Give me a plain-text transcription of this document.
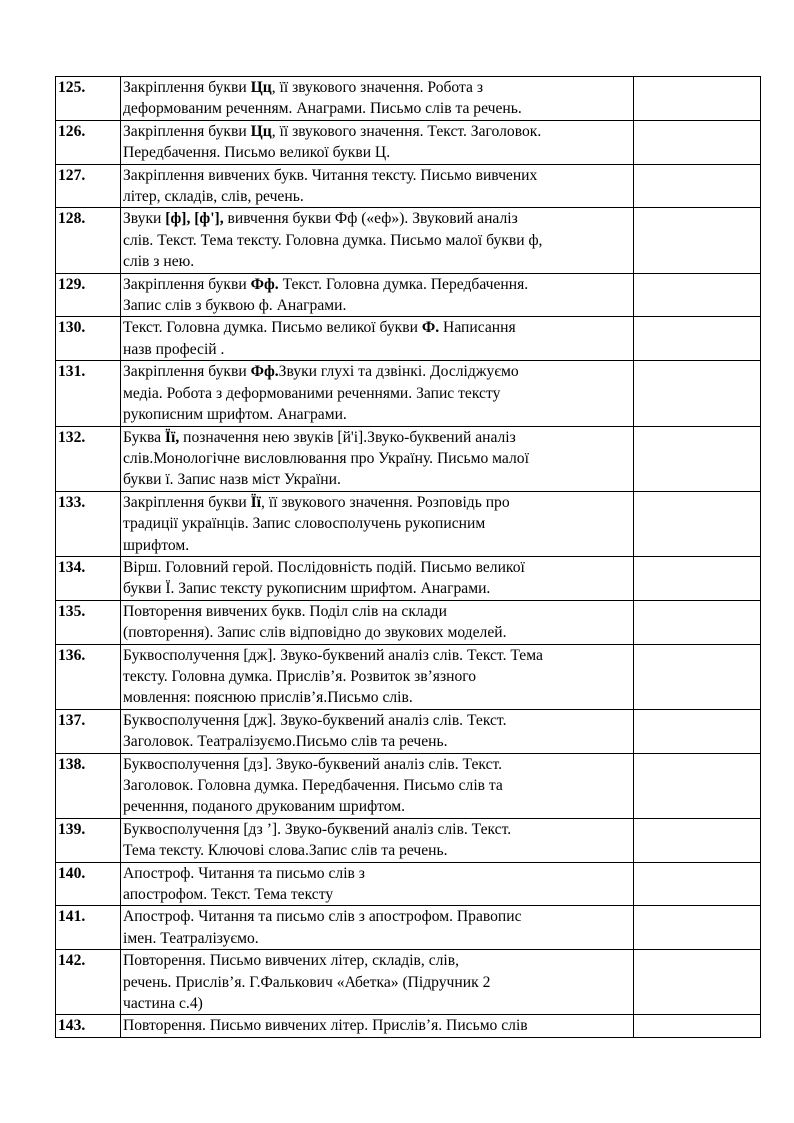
125.	Закріплення букви Цц, її звукового значення. Робота з
деформованим реченням. Анаграми. Письмо слів та речень.	

126.	Закріплення букви Цц, її звукового значення. Текст. Заголовок.
Передбачення. Письмо великої букви Ц.	

127.	Закріплення вивчених букв. Читання тексту. Письмо вивчених
літер, складів, слів, речень.	

128.	Звуки [ф], [ф'], вивчення букви Фф («еф»). Звуковий аналіз
слів. Текст. Тема тексту. Головна думка. Письмо малої букви ф,
слів з нею.	

129.	Закріплення букви Фф. Текст. Головна думка. Передбачення.
Запис слів з буквою ф. Анаграми.	

130.	Текст. Головна думка. Письмо великої букви Ф. Написання
назв професій .	

131.	Закріплення букви Фф.Звуки глухі та дзвінкі. Досліджуємо
медіа. Робота з деформованими реченнями. Запис тексту
рукописним шрифтом. Анаграми.	

132.	Буква Її, позначення нею звуків [й'і].Звуко-буквений аналіз
слів.Монологічне висловлювання про Україну. Письмо малої
букви ї. Запис назв міст України.	

133.	Закріплення букви Її, її звукового значення. Розповідь про
традиції українців. Запис словосполучень рукописним
шрифтом.	

134.	Вірш. Головний герой. Послідовність подій. Письмо великої
букви Ї. Запис тексту рукописним шрифтом. Анаграми.	

135.	Повторення вивчених букв. Поділ слів на склади
(повторення). Запис слів відповідно до звукових моделей.	

136.	Буквосполучення [дж]. Звуко-буквений аналіз слів. Текст. Тема
тексту. Головна думка. Прислів’я. Розвиток зв’язного
мовлення: пояснюю прислів’я.Письмо слів.	

137.	Буквосполучення [дж]. Звуко-буквений аналіз слів. Текст.
Заголовок. Театралізуємо.Письмо слів та речень.	

138.	Буквосполучення [дз]. Звуко-буквений аналіз слів. Текст.
Заголовок. Головна думка. Передбачення. Письмо слів та
реченння, поданого друкованим шрифтом.	

139.	Буквосполучення [дз ’]. Звуко-буквений аналіз слів. Текст.
Тема тексту. Ключові слова.Запис слів та речень.	

140.	Апостроф. Читання та письмо слів з
апострофом. Текст. Тема тексту	

141.	Апостроф. Читання та письмо слів з апострофом. Правопис
імен. Театралізуємо.	

142.	Повторення. Письмо вивчених літер, складів, слів,
речень. Прислів’я. Г.Фалькович «Абетка» (Підручник 2
частина с.4)	

143.	Повторення. Письмо вивчених літер. Прислів’я. Письмо слів	
